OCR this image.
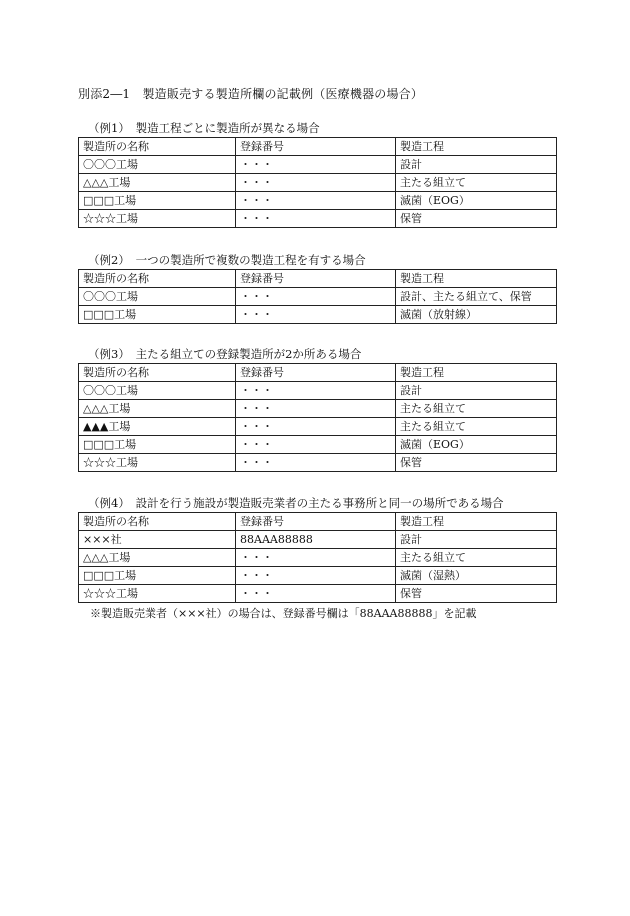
別添2―1　製造販売する製造所欄の記載例（医療機器の場合）
（例1）　製造工程ごとに製造所が異なる場合
製造所の名称	登録番号	製造工程
〇〇〇工場	・・・	設計
△△△工場	・・・	主たる組立て
□□□工場	・・・	滅菌（EOG）
☆☆☆工場	・・・	保管
（例2）　一つの製造所で複数の製造工程を有する場合
製造所の名称	登録番号	製造工程
〇〇〇工場	・・・	設計、主たる組立て、保管
□□□工場	・・・	滅菌（放射線）
（例3）　主たる組立ての登録製造所が2か所ある場合
製造所の名称	登録番号	製造工程
〇〇〇工場	・・・	設計
△△△工場	・・・	主たる組立て
▲▲▲工場	・・・	主たる組立て
□□□工場	・・・	滅菌（EOG）
☆☆☆工場	・・・	保管
（例4）　設計を行う施設が製造販売業者の主たる事務所と同一の場所である場合
製造所の名称	登録番号	製造工程
×××社	88AAA88888	設計
△△△工場	・・・	主たる組立て
□□□工場	・・・	滅菌（湿熱）
☆☆☆工場	・・・	保管
※製造販売業者（×××社）の場合は、登録番号欄は「88AAA88888」を記載
